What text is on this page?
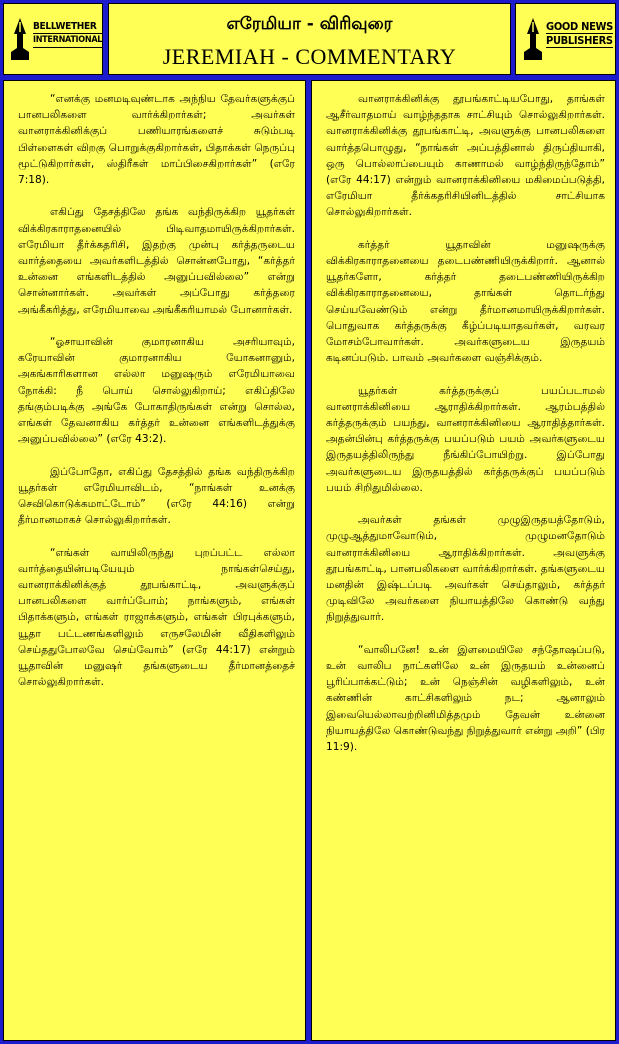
BELLWETHER
INTERNATIONAL
எரேமியா - விரிவுரை
JEREMIAH - COMMENTARY
GOOD NEWS
PUBLISHERS

“எனக்கு மனமடிவுண்டாக அந்நிய தேவர்களுக்குப் பானபலிகளை வார்க்கிறார்கள்; அவர்கள் வானராக்கினிக்குப் பணியாரங்களைச் சுடும்படி பிள்ளைகள் விறகு பொறுக்குகிறார்கள், பிதாக்கள் நெருப்பு மூட்டுகிறார்கள், ஸ்திரீகள் மாப்பிசைகிறார்கள்” (எரே 7:18).

எகிப்து தேசத்திலே தங்க வந்திருக்கிற யூதர்கள் விக்கிரகாராதனையில் பிடிவாதமாயிருக்கிறார்கள். எரேமியா தீர்க்கதரிசி, இதற்கு முன்பு கர்த்தருடைய வார்த்தையை அவர்களிடத்தில் சொன்னபோது, “கர்த்தர் உன்னை எங்களிடத்தில் அனுப்பவில்லை” என்று சொன்னார்கள். அவர்கள் அப்போது கர்த்தரை அங்கீகரித்து, எரேமியாவை அங்கீகரியாமல் போனார்கள்.

“ஓசாயாவின் குமாரனாகிய அசரியாவும், கரேயாவின் குமாரனாகிய யோகனானும், அகங்காரிகளான எல்லா மனுஷரும் எரேமியாவை நோக்கி: நீ பொய் சொல்லுகிறாய்; எகிப்திலே தங்கும்படிக்கு அங்கே போகாதிருங்கள் என்று சொல்ல, எங்கள் தேவனாகிய கர்த்தர் உன்னை எங்களிடத்துக்கு அனுப்பவில்லை” (எரே 43:2).

இப்போதோ, எகிப்து தேசத்தில் தங்க வந்திருக்கிற யூதர்கள் எரேமியாவிடம், “நாங்கள் உனக்கு செவிகொடுக்கமாட்டோம்” (எரே 44:16) என்று தீர்மானமாகச் சொல்லுகிறார்கள்.

“எங்கள் வாயிலிருந்து புறப்பட்ட எல்லா வார்த்தையின்படியேயும் நாங்கள்செய்து, வானராக்கினிக்குத் தூபங்காட்டி, அவளுக்குப் பானபலிகளை வார்ப்போம்; நாங்களும், எங்கள் பிதாக்களும், எங்கள் ராஜாக்களும், எங்கள் பிரபுக்களும், யூதா பட்டணங்களிலும் எருசலேமின் வீதிகளிலும் செய்ததுபோலவே செய்வோம்” (எரே 44:17) என்றும் யூதாவின் மனுஷர் தங்களுடைய தீர்மானத்தைச் சொல்லுகிறார்கள்.

வானராக்கினிக்கு தூபங்காட்டியபோது, தாங்கள் ஆசீர்வாதமாய் வாழ்ந்ததாக சாட்சியும் சொல்லுகிறார்கள். வானராக்கினிக்கு தூபங்காட்டி, அவளுக்கு பானபலிகளை வார்த்தபொழுது, “நாங்கள் அப்பத்தினால் திருப்தியாகி, ஒரு பொல்லாப்பையும் காணாமல் வாழ்ந்திருந்தோம்” (எரே 44:17) என்றும் வானராக்கினியை மகிமைப்படுத்தி, எரேமியா தீர்க்கதரிசியினிடத்தில் சாட்சியாக சொல்லுகிறார்கள்.

கர்த்தர் யூதாவின் மனுஷருக்கு விக்கிரகாராதனையை தடைபண்ணியிருக்கிறார். ஆனால் யூதர்களோ, கர்த்தர் தடைபண்ணியிருக்கிற விக்கிரகாராதனையை, தாங்கள் தொடர்ந்து செய்யவேண்டும் என்று தீர்மானமாயிருக்கிறார்கள். பொதுவாக கர்த்தருக்கு கீழ்ப்படியாதவர்கள், வரவர மோசம்போவார்கள். அவர்களுடைய இருதயம் கடினப்படும். பாவம் அவர்களை வஞ்சிக்கும்.

யூதர்கள் கர்த்தருக்குப் பயப்படாமல் வானராக்கினியை ஆராதிக்கிறார்கள். ஆரம்பத்தில் கர்த்தருக்கும் பயந்து, வானராக்கினியை ஆராதித்தார்கள். அதன்பின்பு கர்த்தருக்கு பயப்படும் பயம் அவர்களுடைய இருதயத்திலிருந்து நீங்கிப்போயிற்று. இப்போது அவர்களுடைய இருதயத்தில் கர்த்தருக்குப் பயப்படும் பயம் சிறிதுமில்லை.

அவர்கள் தங்கள் முழுஇருதயத்தோடும், முழுஆத்துமாவோடும், முழுமனதோடும் வானராக்கினியை ஆராதிக்கிறார்கள். அவளுக்கு தூபங்காட்டி, பானபலிகளை வார்க்கிறார்கள். தங்களுடைய மனதின் இஷ்டப்படி அவர்கள் செய்தாலும், கர்த்தர் முடிவிலே அவர்களை நியாயத்திலே கொண்டு வந்து நிறுத்துவார்.

“வாலிபனே! உன் இளமையிலே சந்தோஷப்படு, உன் வாலிப நாட்களிலே உன் இருதயம் உன்னைப் பூரிப்பாக்கட்டும்; உன் நெஞ்சின் வழிகளிலும், உன் கண்ணின் காட்சிகளிலும் நட; ஆனாலும் இவையெல்லாவற்றினிமித்தமும் தேவன் உன்னை நியாயத்திலே கொண்டுவந்து நிறுத்துவார் என்று அறி” (பிர 11:9).
